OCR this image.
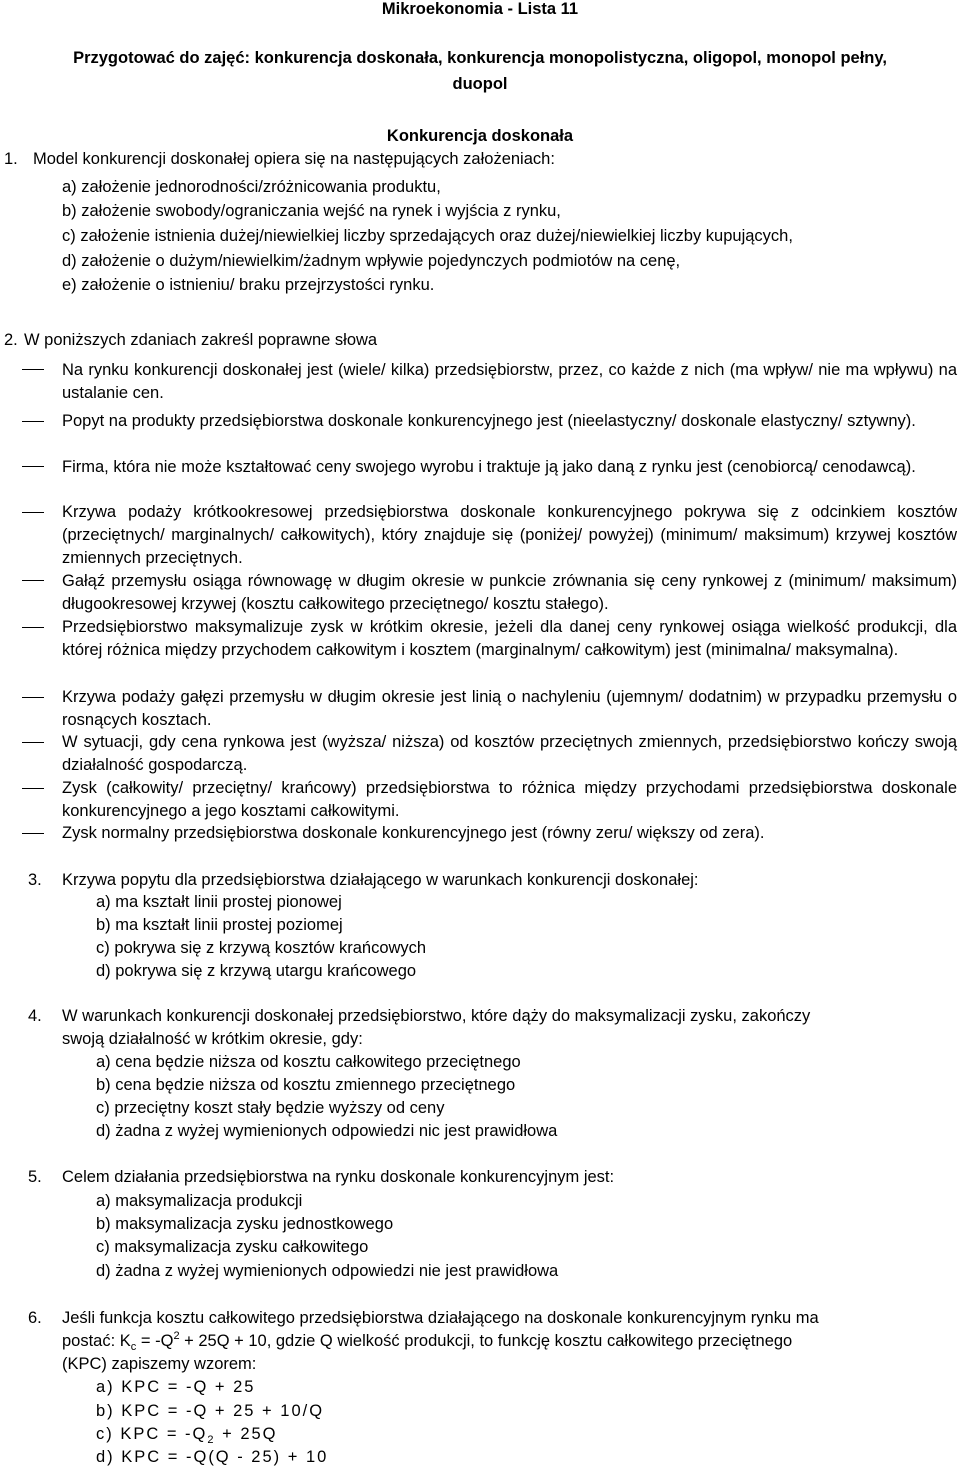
Mikroekonomia - Lista 11
Przygotować do zajęć: konkurencja doskonała, konkurencja monopolistyczna, oligopol, monopol pełny,
duopol
Konkurencja doskonała
1. Model konkurencji doskonałej opiera się na następujących założeniach:
a) założenie jednorodności/zróżnicowania produktu,
b) założenie swobody/ograniczania wejść na rynek i wyjścia z rynku,
c) założenie istnienia dużej/niewielkiej liczby sprzedających oraz dużej/niewielkiej liczby kupujących,
d) założenie o dużym/niewielkim/żadnym wpływie pojedynczych podmiotów na cenę,
e) założenie o istnieniu/ braku przejrzystości rynku.
2. W poniższych zdaniach zakreśl poprawne słowa
Na rynku konkurencji doskonałej jest (wiele/ kilka) przedsiębiorstw, przez, co każde z nich (ma wpływ/ nie ma wpływu) na ustalanie cen.
Popyt na produkty przedsiębiorstwa doskonale konkurencyjnego jest (nieelastyczny/ doskonale elastyczny/ sztywny).
Firma, która nie może kształtować ceny swojego wyrobu i traktuje ją jako daną z rynku jest (cenobiorcą/ cenodawcą).
Krzywa podaży krótkookresowej przedsiębiorstwa doskonale konkurencyjnego pokrywa się z odcinkiem kosztów (przeciętnych/ marginalnych/ całkowitych), który znajduje się (poniżej/ powyżej) (minimum/ maksimum) krzywej kosztów zmiennych przeciętnych.
Gałąź przemysłu osiąga równowagę w długim okresie w punkcie zrównania się ceny rynkowej z (minimum/ maksimum) długookresowej krzywej (kosztu całkowitego przeciętnego/ kosztu stałego).
Przedsiębiorstwo maksymalizuje zysk w krótkim okresie, jeżeli dla danej ceny rynkowej osiąga wielkość produkcji, dla której różnica między przychodem całkowitym i kosztem (marginalnym/ całkowitym) jest (minimalna/ maksymalna).
Krzywa podaży gałęzi przemysłu w długim okresie jest linią o nachyleniu (ujemnym/ dodatnim) w przypadku przemysłu o rosnących kosztach.
W sytuacji, gdy cena rynkowa jest (wyższa/ niższa) od kosztów przeciętnych zmiennych, przedsiębiorstwo kończy swoją działalność gospodarczą.
Zysk (całkowity/ przeciętny/ krańcowy) przedsiębiorstwa to różnica między przychodami przedsiębiorstwa doskonale konkurencyjnego a jego kosztami całkowitymi.
Zysk normalny przedsiębiorstwa doskonale konkurencyjnego jest (równy zeru/ większy od zera).
3. Krzywa popytu dla przedsiębiorstwa działającego w warunkach konkurencji doskonałej:
a) ma kształt linii prostej pionowej
b) ma kształt linii prostej poziomej
c) pokrywa się z krzywą kosztów krańcowych
d) pokrywa się z krzywą utargu krańcowego
4. W warunkach konkurencji doskonałej przedsiębiorstwo, które dąży do maksymalizacji zysku, zakończy
swoją działalność w krótkim okresie, gdy:
a) cena będzie niższa od kosztu całkowitego przeciętnego
b) cena będzie niższa od kosztu zmiennego przeciętnego
c) przeciętny koszt stały będzie wyższy od ceny
d) żadna z wyżej wymienionych odpowiedzi nic jest prawidłowa
5. Celem działania przedsiębiorstwa na rynku doskonale konkurencyjnym jest:
a) maksymalizacja produkcji
b) maksymalizacja zysku jednostkowego
c) maksymalizacja zysku całkowitego
d) żadna z wyżej wymienionych odpowiedzi nie jest prawidłowa
6. Jeśli funkcja kosztu całkowitego przedsiębiorstwa działającego na doskonale konkurencyjnym rynku ma
postać: $K_c = -Q^2 + 25Q + 10$, gdzie Q wielkość produkcji, to funkcję kosztu całkowitego przeciętnego
(KPC) zapiszemy wzorem:
a) KPC = -Q + 25
b) KPC = -Q + 25 + 10/Q
c) KPC = $-Q_2 + 25Q$
d) KPC = -Q(Q - 25) + 10
